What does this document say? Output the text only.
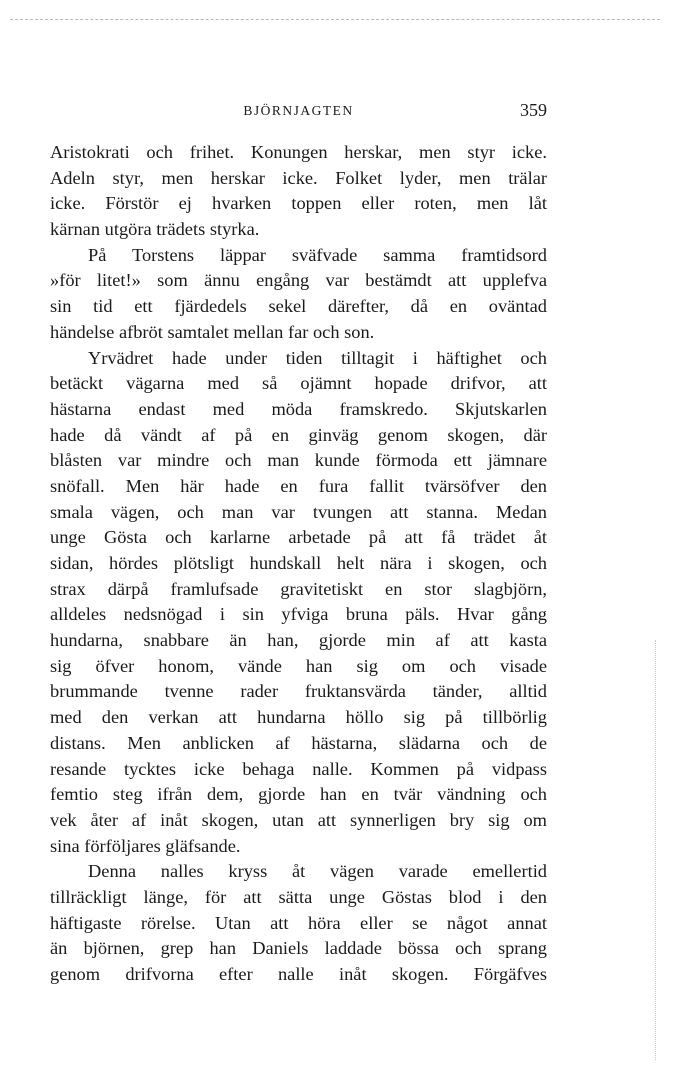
BJÖRNJAGTEN	359
Aristokrati och frihet. Konungen herskar, men styr icke.
Adeln styr, men herskar icke. Folket lyder, men trälar
icke. Förstör ej hvarken toppen eller roten, men låt
kärnan utgöra trädets styrka.
På Torstens läppar sväfvade samma framtidsord
»för litet!» som ännu engång var bestämdt att upplefva
sin tid ett fjärdedels sekel därefter, då en oväntad
händelse afbröt samtalet mellan far och son.
Yrvädret hade under tiden tilltagit i häftighet och
betäckt vägarna med så ojämnt hopade drifvor, att
hästarna endast med möda framskredo. Skjutskarlen
hade då vändt af på en ginväg genom skogen, där
blåsten var mindre och man kunde förmoda ett jämnare
snöfall. Men här hade en fura fallit tvärsöfver den
smala vägen, och man var tvungen att stanna. Medan
unge Gösta och karlarne arbetade på att få trädet åt
sidan, hördes plötsligt hundskall helt nära i skogen, och
strax därpå framlufsade gravitetiskt en stor slagbjörn,
alldeles nedsnögad i sin yfviga bruna päls. Hvar gång
hundarna, snabbare än han, gjorde min af att kasta
sig öfver honom, vände han sig om och visade
brummande tvenne rader fruktansvärda tänder, alltid
med den verkan att hundarna höllo sig på tillbörlig
distans. Men anblicken af hästarna, slädarna och de
resande tycktes icke behaga nalle. Kommen på vidpass
femtio steg ifrån dem, gjorde han en tvär vändning och
vek åter af inåt skogen, utan att synnerligen bry sig om
sina förföljares gläfsande.
Denna nalles kryss åt vägen varade emellertid
tillräckligt länge, för att sätta unge Göstas blod i den
häftigaste rörelse. Utan att höra eller se något annat
än björnen, grep han Daniels laddade bössa och sprang
genom drifvorna efter nalle inåt skogen. Förgäfves
